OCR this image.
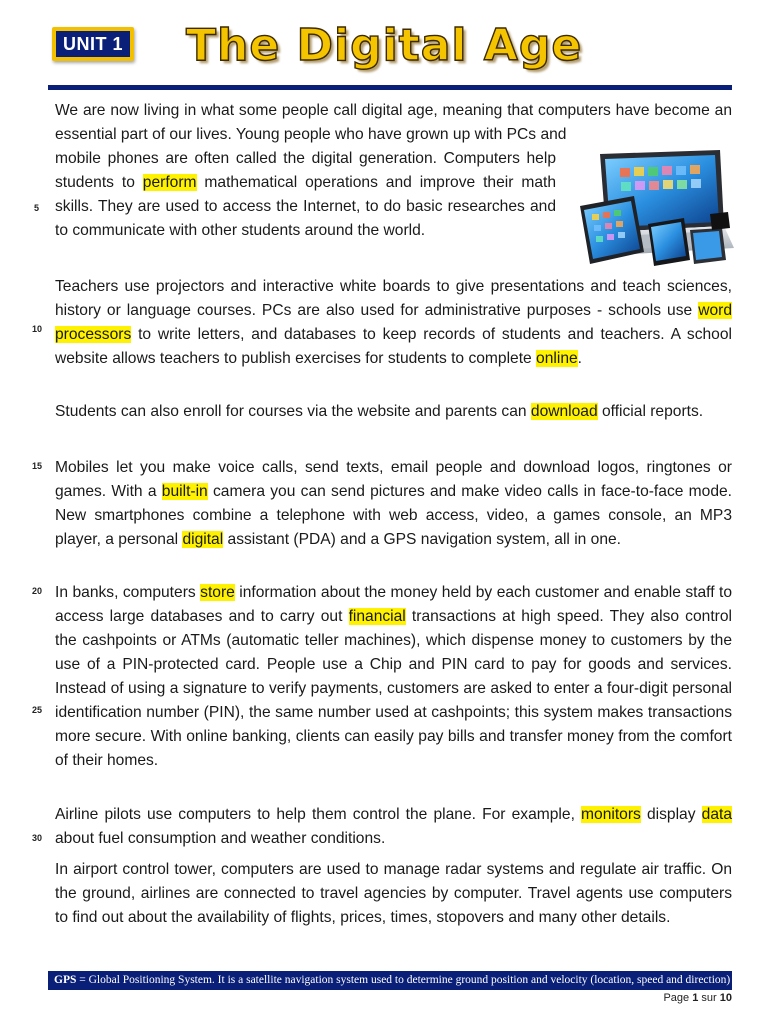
UNIT 1 The Digital Age

We are now living in what some people call digital age, meaning that computers have become an essential part of our lives. Young people who have grown up with PCs and
mobile phones are often called the digital generation. Computers help students to perform mathematical operations and improve their math skills. They are used to access the Internet, to do basic researches and to communicate with other students around the world.

Teachers use projectors and interactive white boards to give presentations and teach sciences, history or language courses. PCs are also used for administrative purposes - schools use word processors to write letters, and databases to keep records of students and teachers. A school website allows teachers to publish exercises for students to complete online.

Students can also enroll for courses via the website and parents can download official reports.

Mobiles let you make voice calls, send texts, email people and download logos, ringtones or games. With a built-in camera you can send pictures and make video calls in face-to-face mode. New smartphones combine a telephone with web access, video, a games console, an MP3 player, a personal digital assistant (PDA) and a GPS navigation system, all in one.

In banks, computers store information about the money held by each customer and enable staff to access large databases and to carry out financial transactions at high speed. They also control the cashpoints or ATMs (automatic teller machines), which dispense money to customers by the use of a PIN-protected card. People use a Chip and PIN card to pay for goods and services. Instead of using a signature to verify payments, customers are asked to enter a four-digit personal identification number (PIN), the same number used at cashpoints; this system makes transactions more secure. With online banking, clients can easily pay bills and transfer money from the comfort of their homes.

Airline pilots use computers to help them control the plane. For example, monitors display data about fuel consumption and weather conditions.

In airport control tower, computers are used to manage radar systems and regulate air traffic. On the ground, airlines are connected to travel agencies by computer. Travel agents use computers to find out about the availability of flights, prices, times, stopovers and many other details.

5
10
15
20
25
30
GPS = Global Positioning System. It is a satellite navigation system used to determine ground position and velocity (location, speed and direction)
Page 1 sur 10
